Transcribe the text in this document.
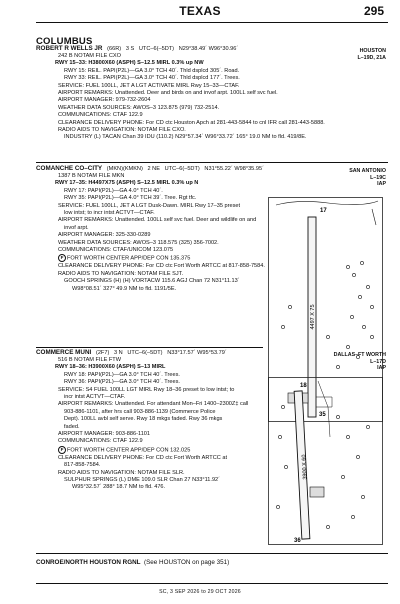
TEXAS	295
COLUMBUS
ROBERT R WELLS JR (66R) 3 S UTC–6(–5DT) N29°38.49´ W96°30.96´	HOUSTON
L–19D, 21A
242 B NOTAM FILE CXO
RWY 15–33: H3800X60 (ASPH) S–12.5 MIRL 0.3% up NW
RWY 15: REIL. PAPI(P2L)—GA 3.0° TCH 40´. Thld dsplcd 305´. Road.
RWY 33: REIL. PAPI(P2L)—GA 3.0° TCH 40´. Thld dsplcd 177´. Trees.
SERVICE: FUEL 100LL, JET A LGT ACTIVATE MIRL Rwy 15–33—CTAF.
AIRPORT REMARKS: Unattended. Deer and birds on and invof arpt. 100LL self svc fuel.
AIRPORT MANAGER: 979-732-2604
WEATHER DATA SOURCES: AWOS–3 123.875 (979) 732-2514.
COMMUNICATIONS: CTAF 122.9
CLEARANCE DELIVERY PHONE: For CD ctc Houston Apch at 281-443-5844 to cnl IFR call 281-443-5888.
RADIO AIDS TO NAVIGATION: NOTAM FILE CXO.
INDUSTRY (L) TACAN Chan 39 IDU (110.2) N29°57.34´ W96°33.72´ 165° 19.0 NM to fld. 419/8E.
COMANCHE CO–CITY (MKN)(KMKN) 2 NE UTC–6(–5DT) N31°55.22´ W98°35.95´	SAN ANTONIO
L–19C
IAP
1387 B NOTAM FILE MKN
RWY 17–35: H4497X75 (ASPH) S–12.5 MIRL 0.3% up N
RWY 17: PAPI(P2L)—GA 4.0° TCH 40´.
RWY 35: PAPI(P2L)—GA 4.0° TCH 39´. Tree. Rgt tfc.
SERVICE: FUEL 100LL, JET A LGT Dusk-Dawn. MIRL Rwy 17–35 preset
low intst; to incr intst ACTVT—CTAF.
AIRPORT REMARKS: Unattended. 100LL self svc fuel. Deer and wildlife on and
invof arpt.
AIRPORT MANAGER: 325-330-0289
WEATHER DATA SOURCES: AWOS–3 118.575 (325) 356-7002.
COMMUNICATIONS: CTAF/UNICOM 123.075
F FORT WORTH CENTER APP/DEP CON 135.375
CLEARANCE DELIVERY PHONE: For CD ctc Fort Worth ARTCC at 817-858-7584.
RADIO AIDS TO NAVIGATION: NOTAM FILE SJT.
GOOCH SPRINGS (H) (H) VORTACW 115.6 AGJ Chan 72 N31°11.13´
W98°08.51´ 327° 49.9 NM to fld. 1191/5E.
4497 X 75
17
35
COMMERCE MUNI (2F7) 3 N UTC–6(–5DT) N33°17.57´ W95°53.79´	DALLAS–FT WORTH
L–17D
IAP
516 B NOTAM FILE FTW
RWY 18–36: H3900X60 (ASPH) S–13 MIRL
RWY 18: PAPI(P2L)—GA 3.0° TCH 40´. Trees.
RWY 36: PAPI(P2L)—GA 3.0° TCH 40´. Trees.
SERVICE: S4 FUEL 100LL LGT MIRL Rwy 18–36 preset to low intst; to
incr intst ACTVT—CTAF.
AIRPORT REMARKS: Unattended. For attendant Mon–Fri 1400–2300Z‡ call
903-886-1101, after hrs call 903-886-1139 (Commerce Police
Dept). 100LL avbl self serve. Rwy 18 mkgs faded. Rwy 36 mkgs
faded.
AIRPORT MANAGER: 903-886-1101
COMMUNICATIONS: CTAF 122.9
F FORT WORTH CENTER APP/DEP CON 132.025
CLEARANCE DELIVERY PHONE: For CD ctc Fort Worth ARTCC at
817-858-7584.
RADIO AIDS TO NAVIGATION: NOTAM FILE SLR.
SULPHUR SPRINGS (L) DME 109.0 SLR Chan 27 N33°11.92´
W95°32.57´ 288° 18.7 NM to fld. 476.
3900 X 60
18
36
CONROE/NORTH HOUSTON RGNL (See HOUSTON on page 351)
SC, 3 SEP 2026 to 29 OCT 2026
